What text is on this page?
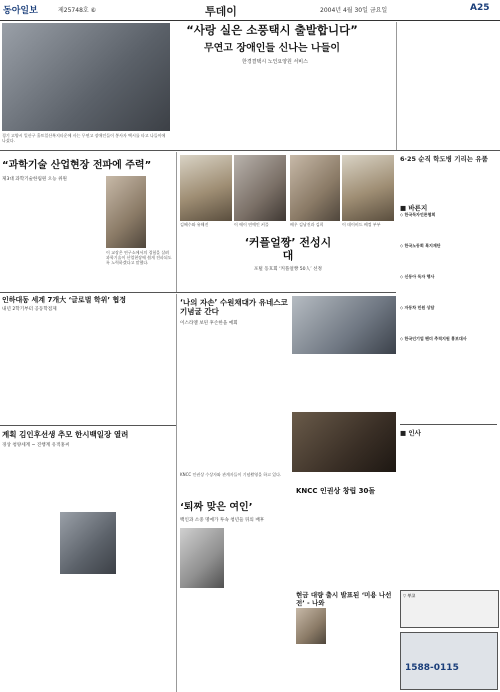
동아일보	제25748호 ⑥	투데이	2004년 4월 30일 금요일	A25
경기 고양시 일산구 홀트일산복지타운에 사는 무연고 장애인들이 봉사자 택시를 타고 나들이에 나섰다.
“사랑 실은 소풍택시 출발합니다”
무연고 장애인들 신나는 나들이
한경결택시 노인요양원 서비스
6·25 순직 학도병 기리는 유품
■ 바른지
◇ 한국독자언론협회
◇ 한국노동회 복지재단
◇ 신동아 독자 행사
◇ 자동차 민원 상담
◇ 한국인기업 팬더 추적지원 홍보대사
■ 인사
▽ 부고
“과학기술 산업현장 전파에 주력”
제3대 과학기술한림원 오능 위원
이 교장은 연구소에서의 경험을 살려 과학기술이 산업현장에 쉽게 전파되도록 노력하겠다고 말했다.
김혜수와 유해진	이 에이 연예인 커플	배우 김남진과 김희	이 데이비드 베컴 부부
‘커플얼짱’ 전성시대
포털 동호회 ‘커플얼짱 50人’ 선정
인하대동 세계 7개大 ‘글로벌 학위’ 협정
내년 2학기부터 공동학점제
‘나의 자손’ 수원채대가 유네스코 기념굴 간다
이스라엘 보된 후손한을 예회
KNCC 인권상 수상자와 관계자들이 기념촬영을 하고 있다.
KNCC 인권상 창립 30돌
‘퇴짜 맞은 여인’
백인과 소중 명예가 투속 청년들 뒤의 배후
현금 대량 출시 발표된 ‘미용 나선 전’ - 나와
계획 김인후선생 추모 한시백일장 열려
경상 청양세계 ~ 진행계 유적홍씨
1588-0115
